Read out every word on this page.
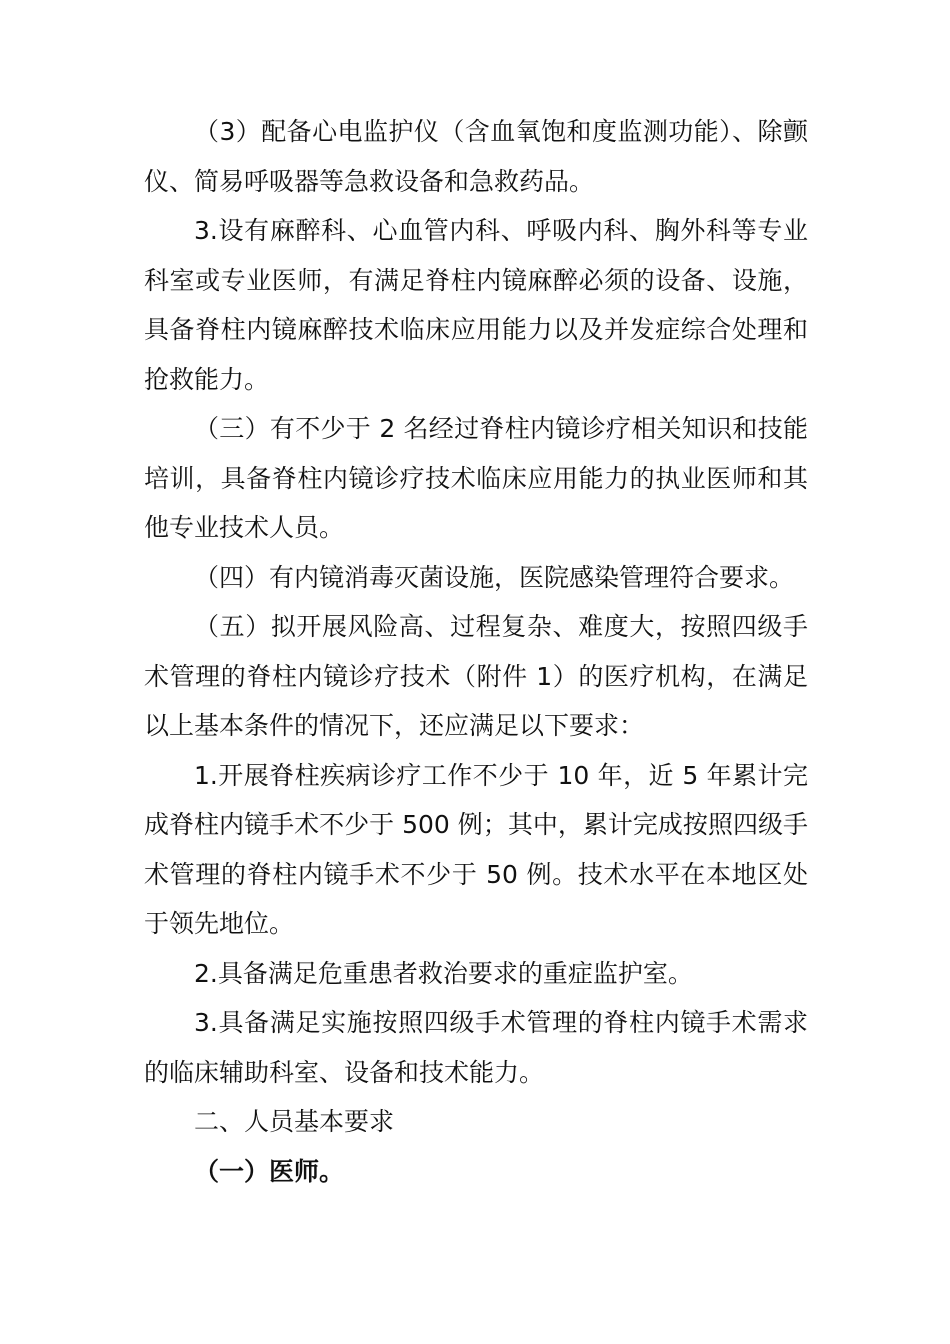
（3）配备心电监护仪（含血氧饱和度监测功能）、除颤仪、简易呼吸器等急救设备和急救药品。

3.设有麻醉科、心血管内科、呼吸内科、胸外科等专业科室或专业医师，有满足脊柱内镜麻醉必须的设备、设施，具备脊柱内镜麻醉技术临床应用能力以及并发症综合处理和抢救能力。

（三）有不少于 2 名经过脊柱内镜诊疗相关知识和技能培训，具备脊柱内镜诊疗技术临床应用能力的执业医师和其他专业技术人员。

（四）有内镜消毒灭菌设施，医院感染管理符合要求。

（五）拟开展风险高、过程复杂、难度大，按照四级手术管理的脊柱内镜诊疗技术（附件 1）的医疗机构，在满足以上基本条件的情况下，还应满足以下要求：

1.开展脊柱疾病诊疗工作不少于 10 年，近 5 年累计完成脊柱内镜手术不少于 500 例；其中，累计完成按照四级手术管理的脊柱内镜手术不少于 50 例。技术水平在本地区处于领先地位。

2.具备满足危重患者救治要求的重症监护室。

3.具备满足实施按照四级手术管理的脊柱内镜手术需求的临床辅助科室、设备和技术能力。

二、人员基本要求

（一）医师。
